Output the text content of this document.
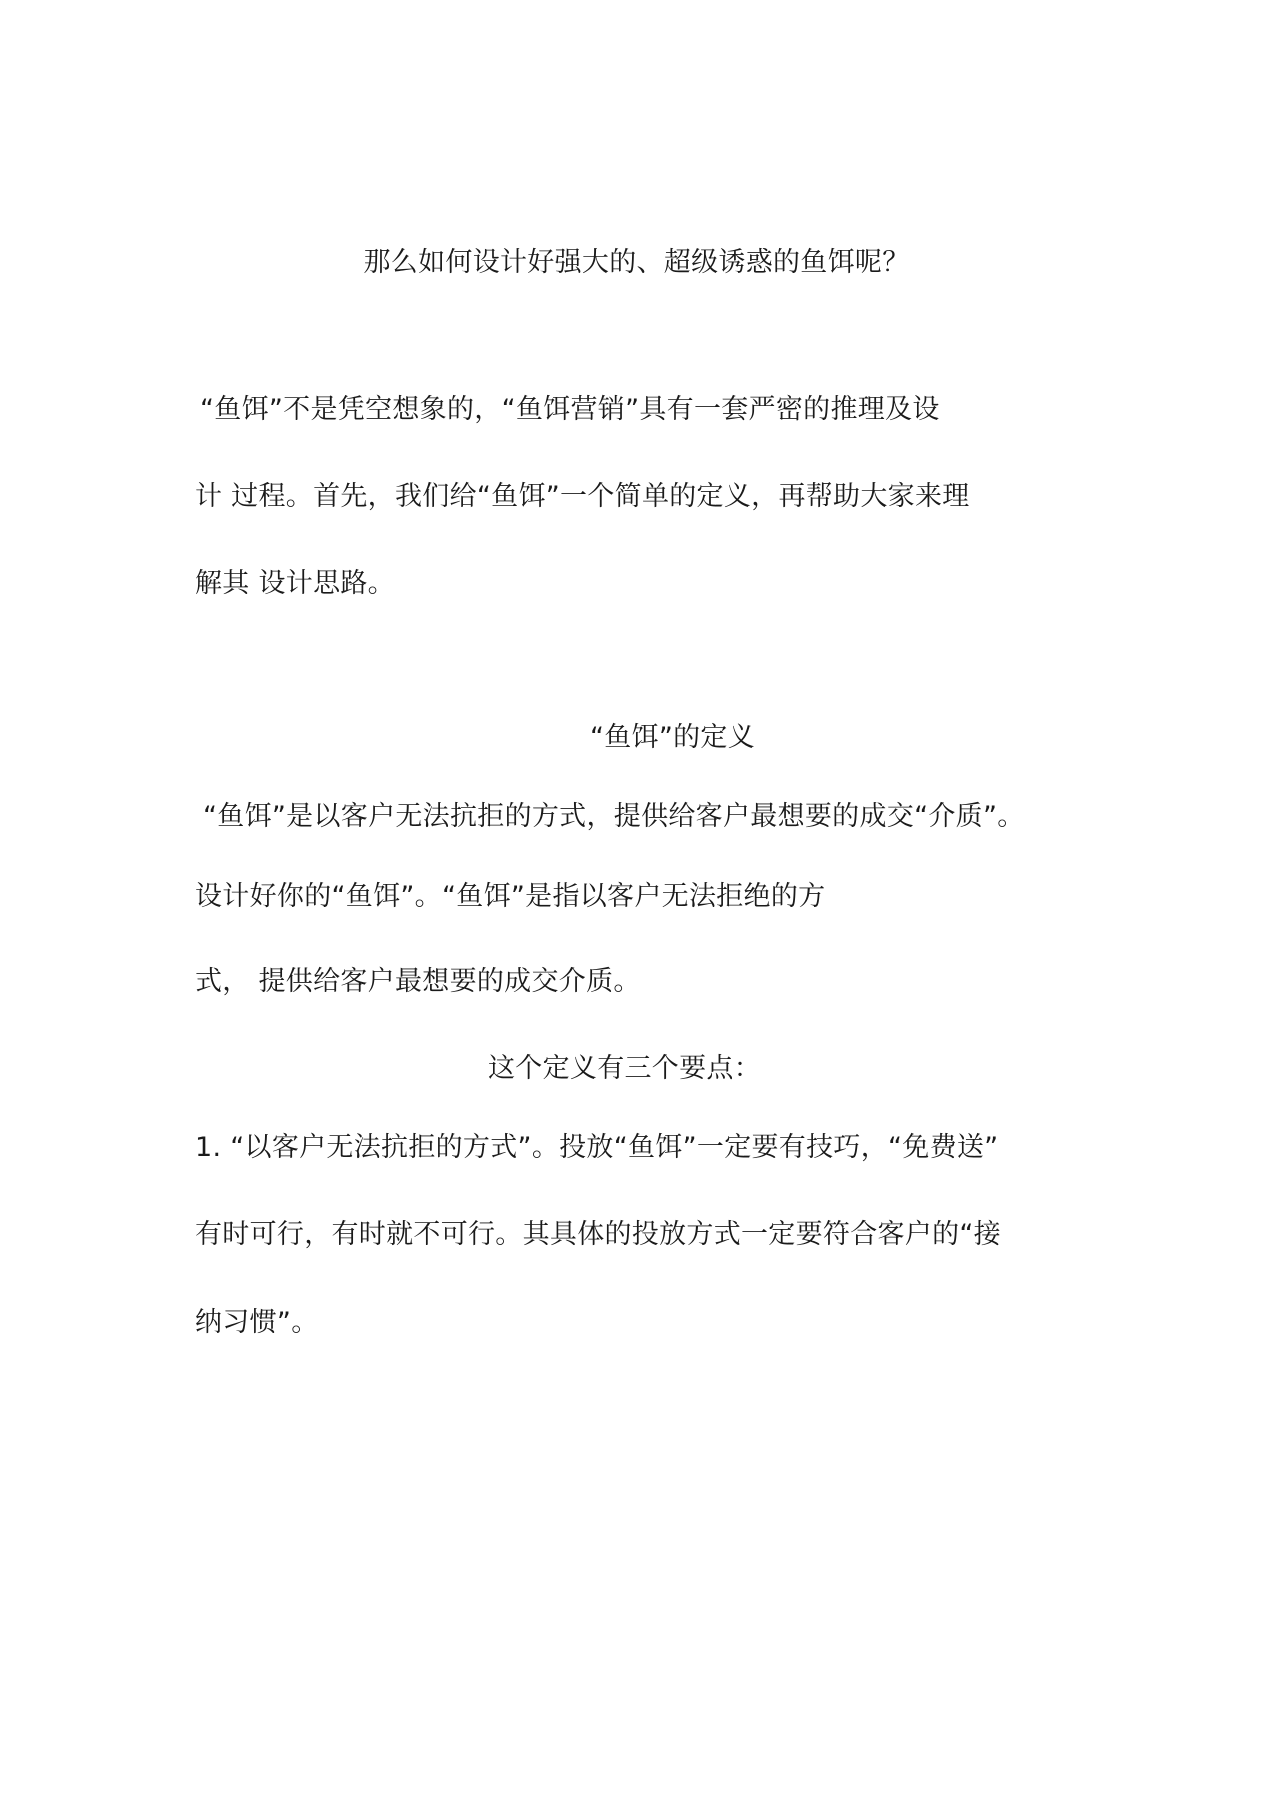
那么如何设计好强大的、超级诱惑的鱼饵呢？
“鱼饵”不是凭空想象的，“鱼饵营销”具有一套严密的推理及设
计 过程。首先，我们给“鱼饵”一个简单的定义，再帮助大家来理
解其 设计思路。
“鱼饵”的定义
“鱼饵”是以客户无法抗拒的方式，提供给客户最想要的成交“介质”。
设计好你的“鱼饵”。“鱼饵”是指以客户无法拒绝的方
式， 提供给客户最想要的成交介质。
这个定义有三个要点：
1. “以客户无法抗拒的方式”。投放“鱼饵”一定要有技巧，“免费送”
有时可行，有时就不可行。其具体的投放方式一定要符合客户的“接
纳习惯”。
